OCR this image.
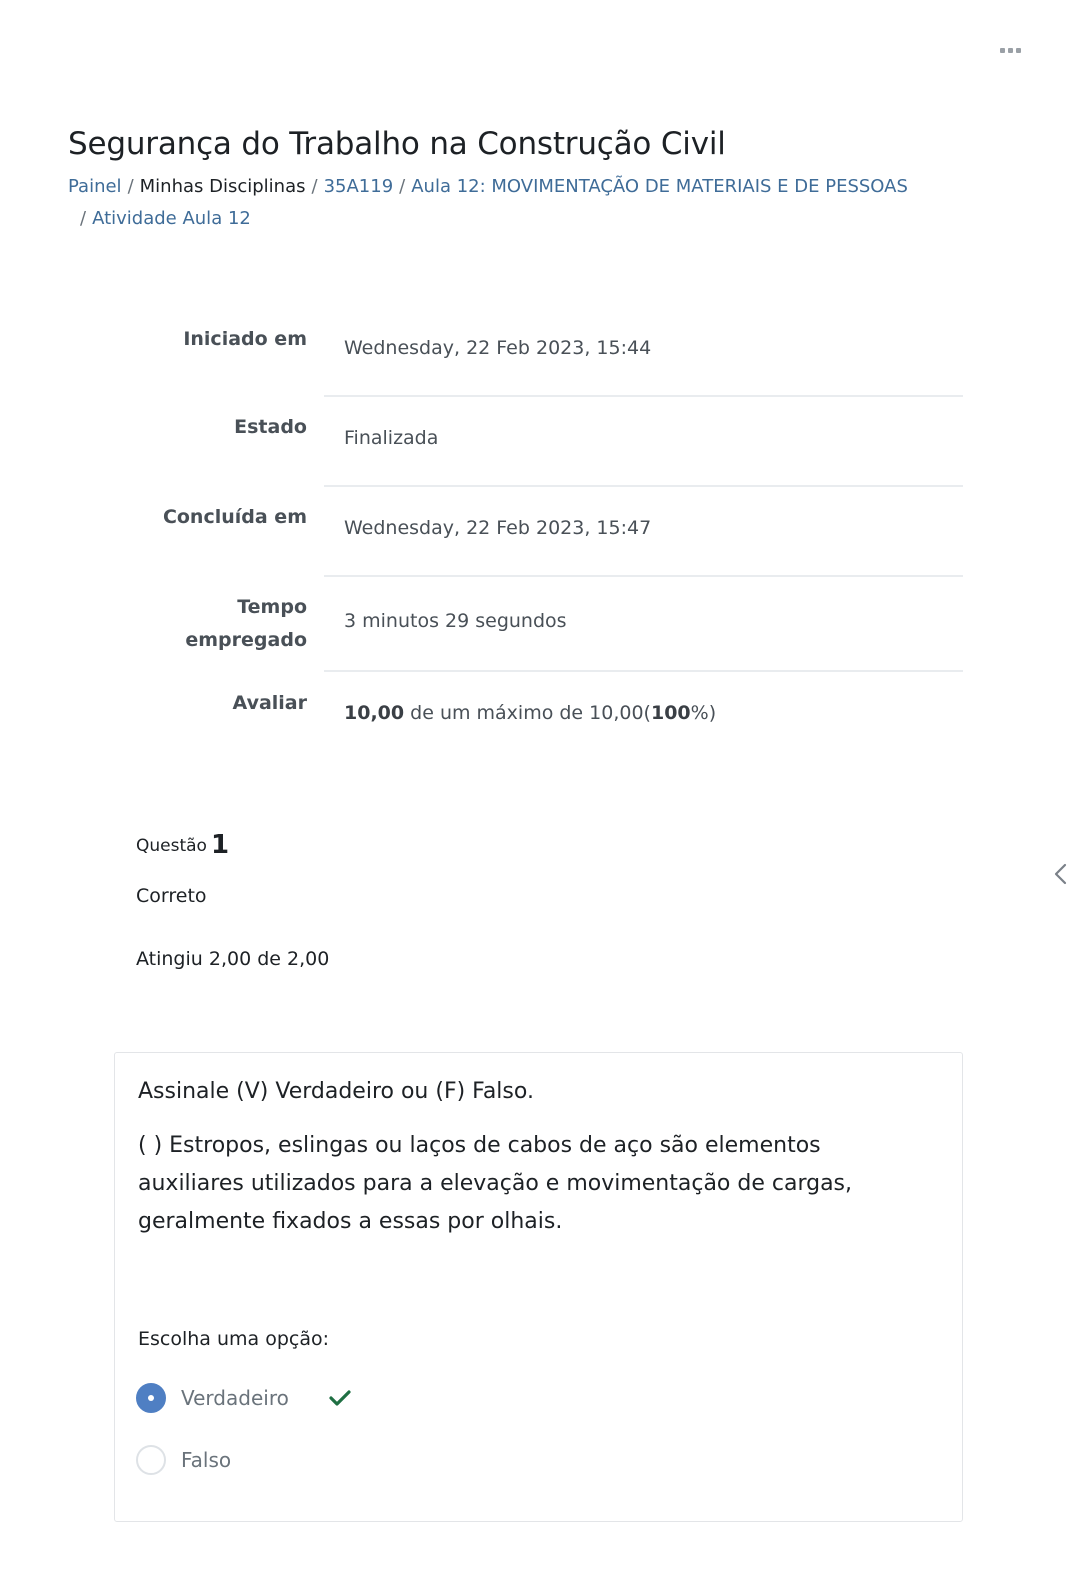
Segurança do Trabalho na Construção Civil
Painel / Minhas Disciplinas / 35A119 / Aula 12: MOVIMENTAÇÃO DE MATERIAIS E DE PESSOAS
/ Atividade Aula 12
Iniciado em Wednesday, 22 Feb 2023, 15:44
Estado Finalizada
Concluída em Wednesday, 22 Feb 2023, 15:47
Tempo
empregado
3 minutos 29 segundos
Avaliar 10,00 de um máximo de 10,00(100%)
Questão 1
Correto
Atingiu 2,00 de 2,00
Assinale (V) Verdadeiro ou (F) Falso.
( ) Estropos, eslingas ou laços de cabos de aço são elementos auxiliares utilizados para a elevação e movimentação de cargas, geralmente fixados a essas por olhais.
Escolha uma opção:
Verdadeiro
Falso
